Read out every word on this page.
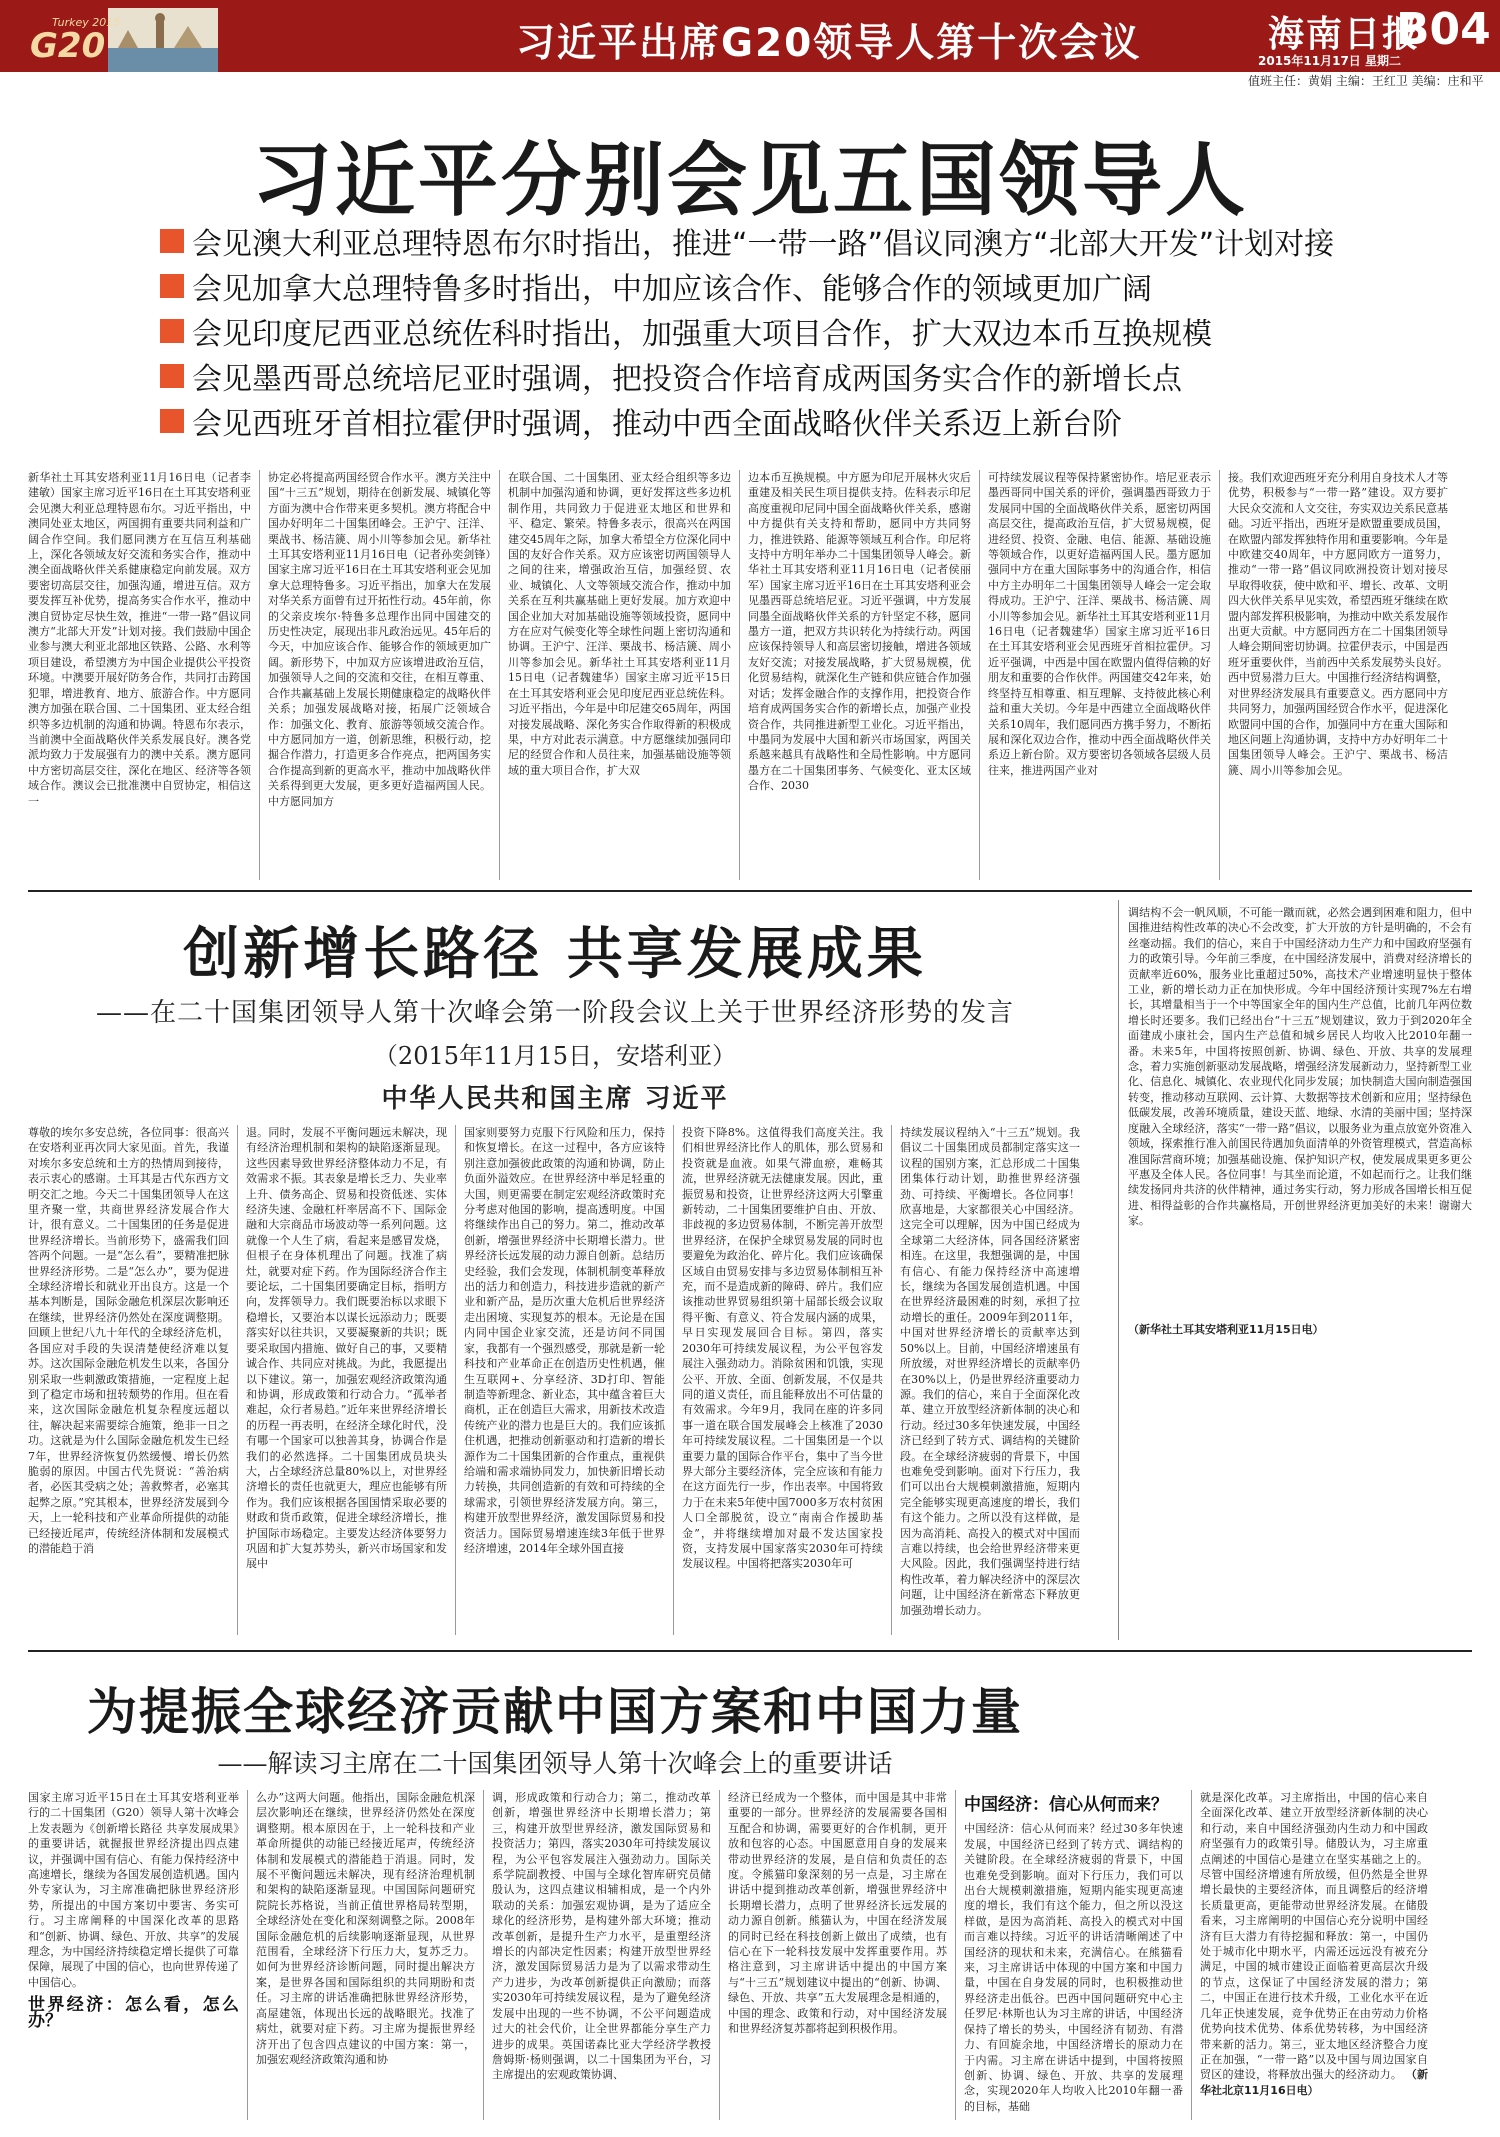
Turkey 2015
G20	习近平出席G20领导人第十次会议	海南日报
B04
2015年11月17日 星期二
值班主任：黄娟 主编：王红卫 美编：庄和平
习近平分别会见五国领导人
会见澳大利亚总理特恩布尔时指出，推进“一带一路”倡议同澳方“北部大开发”计划对接
会见加拿大总理特鲁多时指出，中加应该合作、能够合作的领域更加广阔
会见印度尼西亚总统佐科时指出，加强重大项目合作，扩大双边本币互换规模
会见墨西哥总统培尼亚时强调，把投资合作培育成两国务实合作的新增长点
会见西班牙首相拉霍伊时强调，推动中西全面战略伙伴关系迈上新台阶
新华社土耳其安塔利亚11月16日电（记者李建敏）国家主席习近平16日在土耳其安塔利亚会见澳大利亚总理特恩布尔。习近平指出，中澳同处亚太地区，两国拥有重要共同利益和广阔合作空间。我们愿同澳方在互信互利基础上，深化各领域友好交流和务实合作，推动中澳全面战略伙伴关系健康稳定向前发展。双方要密切高层交往，加强沟通，增进互信。双方要发挥互补优势，提高务实合作水平，推动中澳自贸协定尽快生效，推进“一带一路”倡议同澳方“北部大开发”计划对接。我们鼓励中国企业参与澳大利亚北部地区铁路、公路、水利等项目建设，希望澳方为中国企业提供公平投资环境。中澳要开展好防务合作，共同打击跨国犯罪，增进教育、地方、旅游合作。中方愿同澳方加强在联合国、二十国集团、亚太经合组织等多边机制的沟通和协调。特恩布尔表示，当前澳中全面战略伙伴关系发展良好。澳各党派均致力于发展强有力的澳中关系。澳方愿同中方密切高层交往，深化在地区、经济等各领域合作。澳议会已批准澳中自贸协定，相信这一
协定必将提高两国经贸合作水平。澳方关注中国“十三五”规划，期待在创新发展、城镇化等方面为澳中合作带来更多契机。澳方将配合中国办好明年二十国集团峰会。王沪宁、汪洋、栗战书、杨洁篪、周小川等参加会见。新华社土耳其安塔利亚11月16日电（记者孙奕剑锋）国家主席习近平16日在土耳其安塔利亚会见加拿大总理特鲁多。习近平指出，加拿大在发展对华关系方面曾有过开拓性行动。45年前，你的父亲皮埃尔·特鲁多总理作出同中国建交的历史性决定，展现出非凡政治远见。45年后的今天，中加应该合作、能够合作的领域更加广阔。新形势下，中加双方应该增进政治互信，加强领导人之间的交流和交往，在相互尊重、合作共赢基础上发展长期健康稳定的战略伙伴关系；加强发展战略对接，拓展广泛领域合作：加强文化、教育、旅游等领域交流合作。中方愿同加方一道，创新思维，积极行动，挖掘合作潜力，打造更多合作亮点，把两国务实合作提高到新的更高水平，推动中加战略伙伴关系得到更大发展，更多更好造福两国人民。中方愿同加方
在联合国、二十国集团、亚太经合组织等多边机制中加强沟通和协调，更好发挥这些多边机制作用，共同致力于促进亚太地区和世界和平、稳定、繁荣。特鲁多表示，很高兴在两国建交45周年之际，加拿大希望全方位深化同中国的友好合作关系。双方应该密切两国领导人之间的往来，增强政治互信，加强经贸、农业、城镇化、人文等领域交流合作，推动中加关系在互利共赢基础上更好发展。加方欢迎中国企业加大对加基础设施等领域投资，愿同中方在应对气候变化等全球性问题上密切沟通和协调。王沪宁、汪洋、栗战书、杨洁篪、周小川等参加会见。新华社土耳其安塔利亚11月15日电（记者魏建华）国家主席习近平15日在土耳其安塔利亚会见印度尼西亚总统佐科。习近平指出，今年是中印尼建交65周年，两国对接发展战略、深化务实合作取得新的积极成果，中方对此表示满意。中方愿继续加强同印尼的经贸合作和人员往来，加强基础设施等领域的重大项目合作，扩大双
边本币互换规模。中方愿为印尼开展林火灾后重建及相关民生项目提供支持。佐科表示印尼高度重视印尼同中国全面战略伙伴关系，感谢中方提供有关支持和帮助，愿同中方共同努力，推进铁路、能源等领域互利合作。印尼将支持中方明年举办二十国集团领导人峰会。新华社土耳其安塔利亚11月16日电（记者侯丽军）国家主席习近平16日在土耳其安塔利亚会见墨西哥总统培尼亚。习近平强调，中方发展同墨全面战略伙伴关系的方针坚定不移，愿同墨方一道，把双方共识转化为持续行动。两国应该保持领导人和高层密切接触，增进各领域友好交流；对接发展战略，扩大贸易规模，优化贸易结构，就深化生产链和供应链合作加强对话；发挥金融合作的支撑作用，把投资合作培育成两国务实合作的新增长点，加强产业投资合作，共同推进新型工业化。习近平指出，中墨同为发展中大国和新兴市场国家，两国关系越来越具有战略性和全局性影响。中方愿同墨方在二十国集团事务、气候变化、亚太区域合作、2030
可持续发展议程等保持紧密协作。培尼亚表示墨西哥同中国关系的评价，强调墨西哥致力于发展同中国的全面战略伙伴关系，愿密切两国高层交往，提高政治互信，扩大贸易规模，促进经贸、投资、金融、电信、能源、基础设施等领域合作，以更好造福两国人民。墨方愿加强同中方在重大国际事务中的沟通合作，相信中方主办明年二十国集团领导人峰会一定会取得成功。王沪宁、汪洋、栗战书、杨洁篪、周小川等参加会见。新华社土耳其安塔利亚11月16日电（记者魏建华）国家主席习近平16日在土耳其安塔利亚会见西班牙首相拉霍伊。习近平强调，中西是中国在欧盟内值得信赖的好朋友和重要的合作伙伴。两国建交42年来，始终坚持互相尊重、相互理解、支持彼此核心利益和重大关切。今年是中西建立全面战略伙伴关系10周年，我们愿同西方携手努力，不断拓展和深化双边合作，推动中西全面战略伙伴关系迈上新台阶。双方要密切各领域各层级人员往来，推进两国产业对
接。我们欢迎西班牙充分利用自身技术人才等优势，积极参与“一带一路”建设。双方要扩大民众交流和人文交往，夯实双边关系民意基础。习近平指出，西班牙是欧盟重要成员国，在欧盟内部发挥独特作用和重要影响。今年是中欧建交40周年，中方愿同欧方一道努力，推动“一带一路”倡议同欧洲投资计划对接尽早取得收获，使中欧和平、增长、改革、文明四大伙伴关系早见实效，希望西班牙继续在欧盟内部发挥积极影响，为推动中欧关系发展作出更大贡献。中方愿同西方在二十国集团领导人峰会期间密切协调。拉霍伊表示，中国是西班牙重要伙伴，当前西中关系发展势头良好。西中贸易潜力巨大。中国推行经济结构调整，对世界经济发展具有重要意义。西方愿同中方共同努力，加强两国经贸合作水平，促进深化欧盟同中国的合作，加强同中方在重大国际和地区问题上沟通协调，支持中方办好明年二十国集团领导人峰会。王沪宁、栗战书、杨洁篪、周小川等参加会见。
创新增长路径 共享发展成果
——在二十国集团领导人第十次峰会第一阶段会议上关于世界经济形势的发言
（2015年11月15日，安塔利亚）
中华人民共和国主席 习近平
调结构不会一帆风顺，不可能一蹴而就，必然会遇到困难和阻力，但中国推进结构性改革的决心不会改变，扩大开放的方针是明确的，不会有丝毫动摇。我们的信心，来自于中国经济动力生产力和中国政府坚强有力的政策引导。今年前三季度，在中国经济发展中，消费对经济增长的贡献率近60%，服务业比重超过50%，高技术产业增速明显快于整体工业，新的增长动力正在加快形成。今年中国经济预计实现7%左右增长，其增量相当于一个中等国家全年的国内生产总值，比前几年两位数增长时还要多。我们已经出台“十三五”规划建议，致力于到2020年全面建成小康社会，国内生产总值和城乡居民人均收入比2010年翻一番。未来5年，中国将按照创新、协调、绿色、开放、共享的发展理念，着力实施创新驱动发展战略，增强经济发展新动力，坚持新型工业化、信息化、城镇化、农业现代化同步发展；加快制造大国向制造强国转变，推动移动互联网、云计算、大数据等技术创新和应用；坚持绿色低碳发展，改善环境质量，建设天蓝、地绿、水清的美丽中国；坚持深度融入全球经济，落实“一带一路”倡议，以服务业为重点放宽外资准入领域，探索推行准入前国民待遇加负面清单的外资管理模式，营造高标准国际营商环境；加强基础设施、保护知识产权，使发展成果更多更公平惠及全体人民。各位同事！与其坐而论道，不如起而行之。让我们继续发扬同舟共济的伙伴精神，通过务实行动，努力形成各国增长相互促进、相得益彰的合作共赢格局，开创世界经济更加美好的未来！谢谢大家。
尊敬的埃尔多安总统，各位同事：很高兴在安塔利亚再次同大家见面。首先，我谨对埃尔多安总统和土方的热情周到接待，表示衷心的感谢。土耳其是古代东西方文明交汇之地。今天二十国集团领导人在这里齐聚一堂，共商世界经济发展合作大计，很有意义。二十国集团的任务是促进世界经济增长。当前形势下，盛需我们回答两个问题。一是“怎么看”，要精准把脉世界经济形势。二是“怎么办”，要为促进全球经济增长和就业开出良方。这是一个基本判断是，国际金融危机深层次影响还在继续，世界经济仍然处在深度调整期。回顾上世纪八九十年代的全球经济危机，各国应对手段的失误清楚使经济难以复苏。这次国际金融危机发生以来，各国分别采取一些刺激政策措施，一定程度上起到了稳定市场和扭转颓势的作用。但在看来，这次国际金融危机复杂程度远超以往，解决起来需要综合施策，绝非一日之功。这就是为什么国际金融危机发生已经7年，世界经济恢复仍然缓慢、增长仍然脆弱的原因。中国古代先贤说：“善治病者，必医其受病之处；善救弊者，必塞其起弊之原。”究其根本，世界经济发展到今天，上一轮科技和产业革命所提供的动能已经接近尾声，传统经济体制和发展模式的潜能趋于消
退。同时，发展不平衡问题远未解决，现有经济治理机制和架构的缺陷逐渐显现。这些因素导致世界经济整体动力不足，有效需求不振。其表象是增长乏力、失业率上升、债务高企、贸易和投资低迷、实体经济失速、金融杠杆率居高不下、国际金融和大宗商品市场波动等一系列问题。这就像一个人生了病，看起来是感冒发烧，但根子在身体机理出了问题。找准了病灶，就要对症下药。作为国际经济合作主要论坛，二十国集团要确定目标，指明方向，发挥领导力。我们既要治标以求眼下稳增长，又要治本以谋长远添动力；既要落实好以往共识，又要凝聚新的共识；既要采取国内措施、做好自己的事，又要精诚合作、共同应对挑战。为此，我愿提出以下建议。第一，加强宏观经济政策沟通和协调，形成政策和行动合力。“孤举者难起，众行者易趋。”近年来世界经济增长的历程一再表明，在经济全球化时代，没有哪一个国家可以独善其身，协调合作是我们的必然选择。二十国集团成员块头大，占全球经济总量80%以上，对世界经济增长的责任也就更大，理应也能够有所作为。我们应该根据各国国情采取必要的财政和货币政策，促进全球经济增长，推护国际市场稳定。主要发达经济体要努力巩固和扩大复苏势头，新兴市场国家和发展中
国家则要努力克服下行风险和压力，保持和恢复增长。在这一过程中，各方应该特别注意加强彼此政策的沟通和协调，防止负面外溢效应。在世界经济中举足轻重的大国，则更需要在制定宏观经济政策时充分考虑对他国的影响，提高透明度。中国将继续作出自己的努力。第二，推动改革创新，增强世界经济中长期增长潜力。世界经济长远发展的动力源自创新。总结历史经验，我们会发现，体制机制变革释放出的活力和创造力，科技进步造就的新产业和新产品，是历次重大危机后世界经济走出困境、实现复苏的根本。无论是在国内同中国企业家交流，还是访问不同国家，我都有一个强烈感受，那就是新一轮科技和产业革命正在创造历史性机遇，催生互联网+、分享经济、3D打印、智能制造等新理念、新业态，其中蕴含着巨大商机，正在创造巨大需求，用新技术改造传统产业的潜力也是巨大的。我们应该抓住机遇，把推动创新驱动和打造新的增长源作为二十国集团新的合作重点，重视供给端和需求端协同发力，加快新旧增长动力转换，共同创造新的有效和可持续的全球需求，引领世界经济发展方向。第三，构建开放型世界经济，激发国际贸易和投资活力。国际贸易增速连续3年低于世界经济增速，2014年全球外国直接
投资下降8%。这值得我们高度关注。我们相世界经济比作人的肌体，那么贸易和投资就是血液。如果气滞血瘀，难畅其流，世界经济就无法健康发展。因此，重振贸易和投资，让世界经济这两大引擎重新转动，二十国集团要维护自由、开放、非歧视的多边贸易体制，不断完善开放型世界经济，在保护全球贸易发展的同时也要避免为政治化、碎片化。我们应该确保区域自由贸易安排与多边贸易体制相互补充，而不是造成新的障碍、碎片。我们应该推动世界贸易组织第十届部长级会议取得平衡、有意义、符合发展内涵的成果，早日实现发展回合目标。第四，落实2030年可持续发展议程，为公平包容发展注入强劲动力。消除贫困和饥饿，实现公平、开放、全面、创新发展，不仅是共同的道义责任，而且能释放出不可估量的有效需求。今年9月，我同在座的许多同事一道在联合国发展峰会上核准了2030年可持续发展议程。二十国集团是一个以重要力量的国际合作平台，集中了当今世界大部分主要经济体，完全应该和有能力在这方面先行一步，作出表率。中国将致力于在未来5年使中国7000多万农村贫困人口全部脱贫，设立“南南合作援助基金”，并将继续增加对最不发达国家投资，支持发展中国家落实2030年可持续发展议程。中国将把落实2030年可
持续发展议程纳入“十三五”规划。我倡议二十国集团成员都制定落实这一议程的国别方案，汇总形成二十国集团集体行动计划，助推世界经济强劲、可持续、平衡增长。各位同事！欣喜地是，大家都很关心中国经济。这完全可以理解，因为中国已经成为全球第二大经济体，同各国经济紧密相连。在这里，我想强调的是，中国有信心、有能力保持经济中高速增长，继续为各国发展创造机遇。中国在世界经济最困难的时刻，承担了拉动增长的重任。2009年到2011年，中国对世界经济增长的贡献率达到50%以上。目前，中国经济增速虽有所放缓，对世界经济增长的贡献率仍在30%以上，仍是世界经济重要动力源。我们的信心，来自于全面深化改革、建立开放型经济新体制的决心和行动。经过30多年快速发展，中国经济已经到了转方式、调结构的关键阶段。在全球经济疲弱的背景下，中国也难免受到影响。面对下行压力，我们可以出台大规模刺激措施，短期内完全能够实现更高速度的增长，我们有这个能力。之所以没有这样做，是因为高消耗、高投入的模式对中国而言难以持续，也会给世界经济带来更大风险。因此，我们强调坚持进行结构性改革，着力解决经济中的深层次问题，让中国经济在新常态下释放更加强劲增长动力。
（新华社土耳其安塔利亚11月15日电）
为提振全球经济贡献中国方案和中国力量
——解读习主席在二十国集团领导人第十次峰会上的重要讲话
国家主席习近平15日在土耳其安塔利亚举行的二十国集团（G20）领导人第十次峰会上发表题为《创新增长路径 共享发展成果》的重要讲话，就握报世界经济提出四点建议，并强调中国有信心、有能力保持经济中高速增长，继续为各国发展创造机遇。国内外专家认为，习主席准确把脉世界经济形势，所提出的中国方案切中要害、务实可行。习主席阐释的中国深化改革的思路和“创新、协调、绿色、开放、共享”的发展理念，为中国经济持续稳定增长提供了可靠保障，展现了中国的信心，也向世界传递了中国信心。
世界经济：怎么看，怎么办？
么办”这两大问题。他指出，国际金融危机深层次影响还在继续，世界经济仍然处在深度调整期。根本原因在于，上一轮科技和产业革命所提供的动能已经接近尾声，传统经济体制和发展模式的潜能趋于消退。同时，发展不平衡问题远未解决，现有经济治理机制和架构的缺陷逐渐显现。中国国际问题研究院院长苏格说，当前正值世界格局转型期，全球经济处在变化和深刻调整之际。2008年国际金融危机的后续影响逐渐显现，从世界范围看，全球经济下行压力大，复苏乏力。如何为世界经济诊断问题，同时提出解决方案，是世界各国和国际组织的共同期盼和责任。习主席的讲话准确把脉世界经济形势，高屋建瓴，体现出长远的战略眼光。找准了病灶，就要对症下药。习主席为提振世界经济开出了包含四点建议的中国方案：第一，加强宏观经济政策沟通和协
调，形成政策和行动合力；第二，推动改革创新，增强世界经济中长期增长潜力；第三，构建开放型世界经济，激发国际贸易和投资活力；第四，落实2030年可持续发展议程，为公平包容发展注入强劲动力。国际关系学院副教授、中国与全球化智库研究员储殷认为，这四点建议相辅相成，是一个内外联动的关系：加强宏观协调，是为了适应全球化的经济形势，是构建外部大环境；推动改革创新，是提升生产力水平，是重塑经济增长的内部决定性因素；构建开放型世界经济，激发国际贸易活力是为了以需求带动生产力进步，为改革创新提供正向激励；而落实2030年可持续发展议程，是为了避免经济发展中出现的一些不协调，不公平问题造成过大的社会代价，让全世界都能分享生产力进步的成果。英国诺森比亚大学经济学教授詹姆斯·杨则强调，以二十国集团为平台，习主席提出的宏观政策协调、
经济已经成为一个整体，而中国是其中非常重要的一部分。世界经济的发展需要各国相互配合和协调，需要更好的合作机制，更开放和包容的心态。中国愿意用自身的发展来带动世界经济的发展，是自信和负责任的态度。令熊猫印象深刻的另一点是，习主席在讲话中提到推动改革创新，增强世界经济中长期增长潜力，点明了世界经济长远发展的动力源自创新。熊猫认为，中国在经济发展的同时已经在科技创新上做出了成绩，也有信心在下一轮科技发展中发挥重要作用。苏格注意到，习主席讲话中提出的中国方案与“十三五”规划建议中提出的“创新、协调、绿色、开放、共享”五大发展理念是相通的，中国的理念、政策和行动，对中国经济发展和世界经济复苏都将起到积极作用。
中国经济：信心从何而来？
中国经济：信心从何而来？经过30多年快速发展，中国经济已经到了转方式、调结构的关键阶段。在全球经济疲弱的背景下，中国也难免受到影响。面对下行压力，我们可以出台大规模刺激措施，短期内能实现更高速度的增长，我们有这个能力，但之所以没这样做，是因为高消耗、高投入的模式对中国而言难以持续。习近平的讲话清晰阐述了中国经济的现状和未来，充满信心。在熊猫看来，习主席讲话中体现的中国方案和中国力量，中国在自身发展的同时，也积极推动世界经济走出低谷。巴西中国问题研究中心主任罗尼·林斯也认为习主席的讲话，中国经济保持了增长的势头，中国经济有韧劲、有潜力、有回旋余地，中国经济增长的原动力在于内需。习主席在讲话中提到，中国将按照创新、协调、绿色、开放、共享的发展理念，实现2020年人均收入比2010年翻一番的目标，基础
就是深化改革。习主席指出，中国的信心来自全面深化改革、建立开放型经济新体制的决心和行动，来自中国经济强劲内生动力和中国政府坚强有力的政策引导。储殷认为，习主席重点阐述的中国信心是建立在坚实基础之上的。尽管中国经济增速有所放缓，但仍然是全世界增长最快的主要经济体，而且调整后的经济增长质量更高，更能带动世界经济发展。在储殷看来，习主席阐明的中国信心充分说明中国经济有巨大潜力有待挖掘和释放：第一，中国仍处于城市化中期水平，内需还远远没有被充分满足，中国的城市建设正面临着更高层次升级的节点，这保证了中国经济发展的潜力；第二，中国正在进行技术升级，工业化水平在近几年正快速发展，竞争优势正在由劳动力价格优势向技术优势、体系优势转移，为中国经济带来新的活力。第三，亚太地区经济整合力度正在加强，“一带一路”以及中国与周边国家自贸区的建设，将释放出强大的经济动力。 （新华社北京11月16日电）
